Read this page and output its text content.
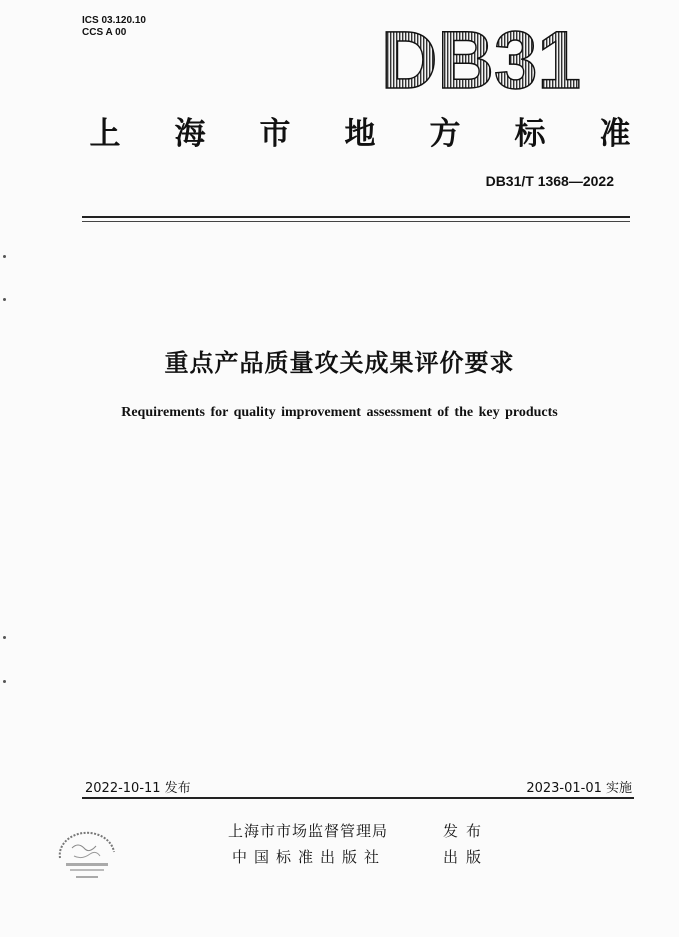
ICS 03.120.10
CCS A 00	DB31
上 海 市 地 方 标 准
DB31/T 1368—2022
重点产品质量攻关成果评价要求
Requirements for quality improvement assessment of the key products
2022-10-11 发布	2023-01-01 实施
上海市市场监督管理局	发布
中国标准出版社	出版
